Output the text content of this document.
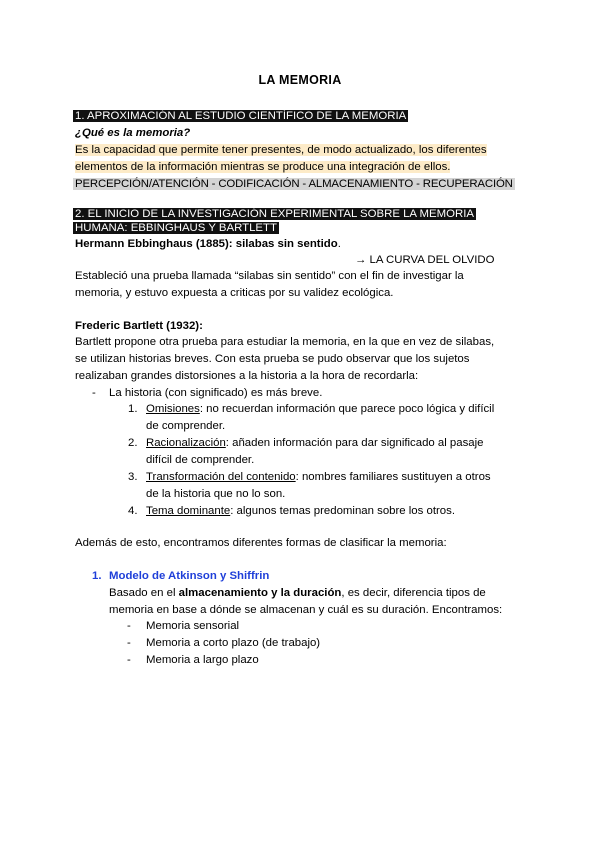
LA MEMORIA
1. APROXIMACIÓN AL ESTUDIO CIENTÍFICO DE LA MEMORIA
¿Qué es la memoria?
Es la capacidad que permite tener presentes, de modo actualizado, los diferentes
elementos de la información mientras se produce una integración de ellos.
PERCEPCIÓN/ATENCIÓN - CODIFICACIÓN - ALMACENAMIENTO - RECUPERACIÓN
2. EL INICIO DE LA INVESTIGACIÓN EXPERIMENTAL SOBRE LA MEMORIA
HUMANA: EBBINGHAUS Y BARTLETT
Hermann Ebbinghaus (1885): silabas sin sentido.
→ LA CURVA DEL OLVIDO
Estableció una prueba llamada “silabas sin sentido” con el fin de investigar la
memoria, y estuvo expuesta a criticas por su validez ecológica.
Frederic Bartlett (1932):
Bartlett propone otra prueba para estudiar la memoria, en la que en vez de silabas,
se utilizan historias breves. Con esta prueba se pudo observar que los sujetos
realizaban grandes distorsiones a la historia a la hora de recordarla:
- La historia (con significado) es más breve.
1. Omisiones: no recuerdan información que parece poco lógica y difícil
de comprender.
2. Racionalización: añaden información para dar significado al pasaje
difícil de comprender.
3. Transformación del contenido: nombres familiares sustituyen a otros
de la historia que no lo son.
4. Tema dominante: algunos temas predominan sobre los otros.
Además de esto, encontramos diferentes formas de clasificar la memoria:
1. Modelo de Atkinson y Shiffrin
Basado en el almacenamiento y la duración, es decir, diferencia tipos de
memoria en base a dónde se almacenan y cuál es su duración. Encontramos:
- Memoria sensorial
- Memoria a corto plazo (de trabajo)
- Memoria a largo plazo
